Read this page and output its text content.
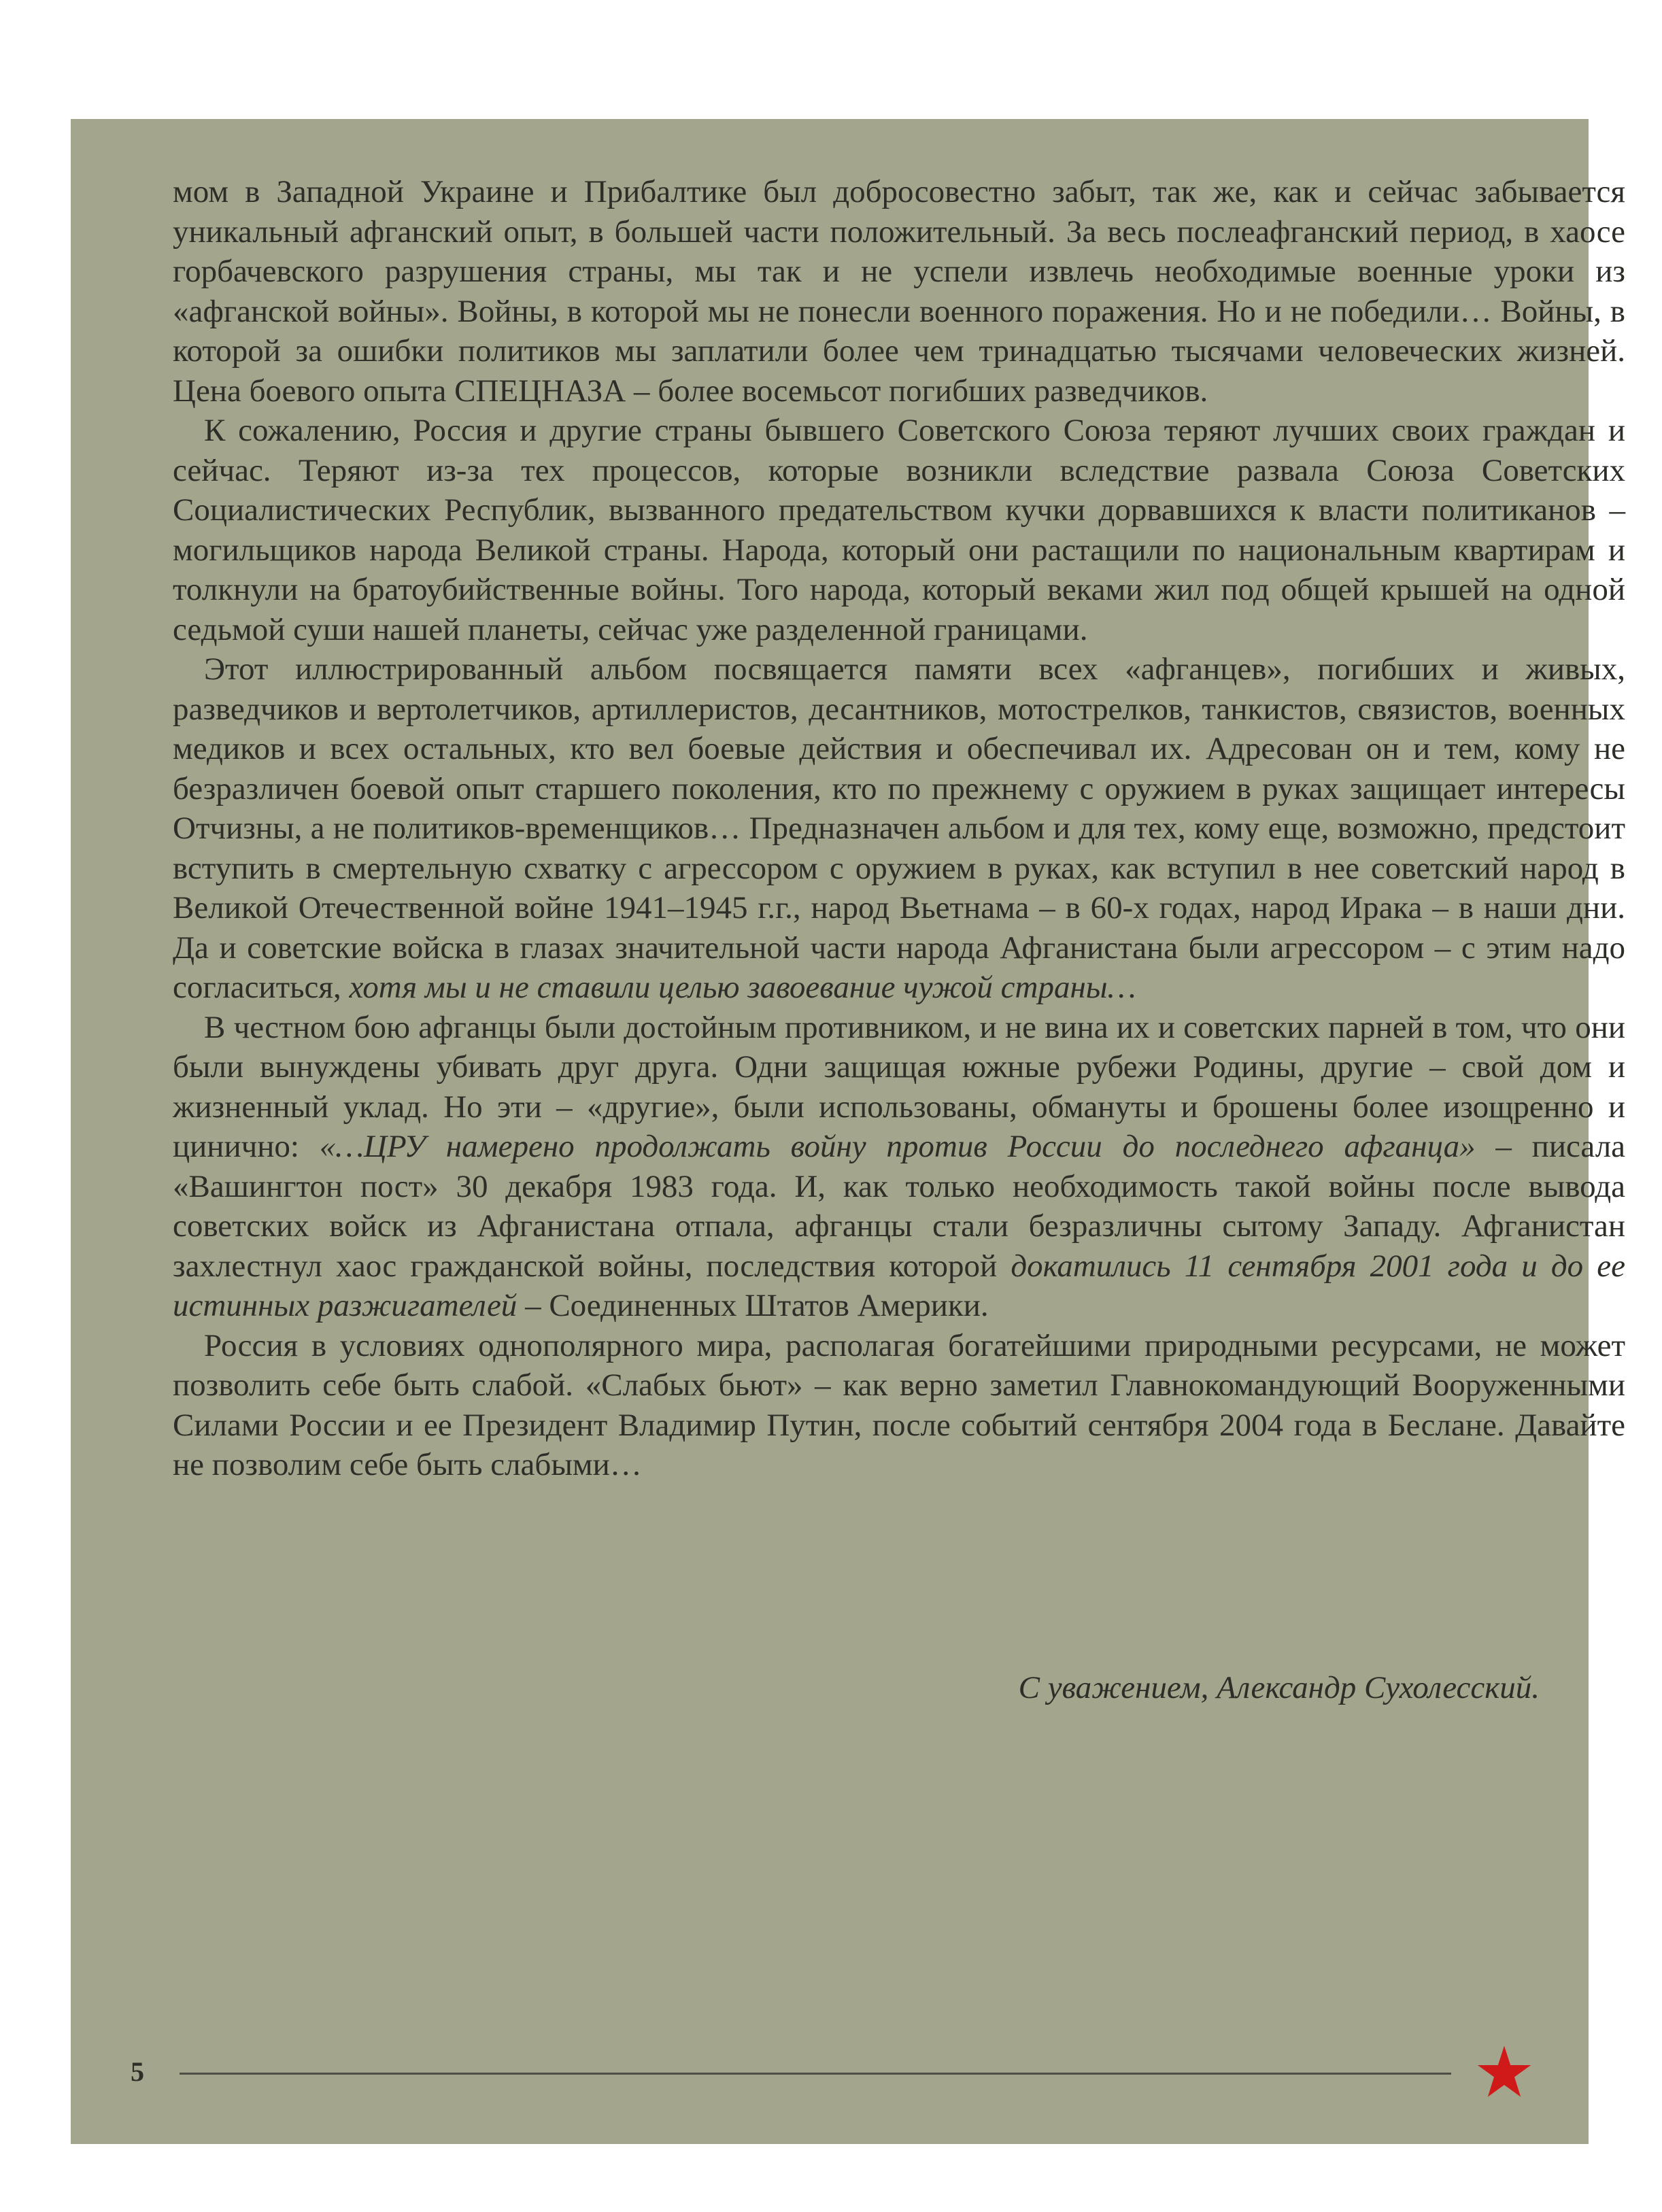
мом в Западной Украине и Прибалтике был добросовестно забыт, так же, как и сейчас забывается уникальный афганский опыт, в большей части положительный. За весь послеафганский период, в хаосе горбачевского разрушения страны, мы так и не успели извлечь необходимые военные уроки из «афганской войны». Войны, в которой мы не понесли военного поражения. Но и не победили… Войны, в которой за ошибки политиков мы заплатили более чем тринадцатью тысячами человеческих жизней. Цена боевого опыта СПЕЦНАЗА – более восемьсот погибших разведчиков.

К сожалению, Россия и другие страны бывшего Советского Союза теряют лучших своих граждан и сейчас. Теряют из-за тех процессов, которые возникли вследствие развала Союза Советских Социалистических Республик, вызванного предательством кучки дорвавшихся к власти политиканов – могильщиков народа Великой страны. Народа, который они растащили по национальным квартирам и толкнули на братоубийственные войны. Того народа, который веками жил под общей крышей на одной седьмой суши нашей планеты, сейчас уже разделенной границами.

Этот иллюстрированный альбом посвящается памяти всех «афганцев», погибших и живых, разведчиков и вертолетчиков, артиллеристов, десантников, мотострелков, танкистов, связистов, военных медиков и всех остальных, кто вел боевые действия и обеспечивал их. Адресован он и тем, кому не безразличен боевой опыт старшего поколения, кто по прежнему с оружием в руках защищает интересы Отчизны, а не политиков-временщиков… Предназначен альбом и для тех, кому еще, возможно, предстоит вступить в смертельную схватку с агрессором с оружием в руках, как вступил в нее советский народ в Великой Отечественной войне 1941–1945 г.г., народ Вьетнама – в 60-х годах, народ Ирака – в наши дни. Да и советские войска в глазах значительной части народа Афганистана были агрессором – с этим надо согласиться, хотя мы и не ставили целью завоевание чужой страны…

В честном бою афганцы были достойным противником, и не вина их и советских парней в том, что они были вынуждены убивать друг друга. Одни защищая южные рубежи Родины, другие – свой дом и жизненный уклад. Но эти – «другие», были использованы, обмануты и брошены более изощренно и цинично: «…ЦРУ намерено продолжать войну против России до последнего афганца» – писала «Вашингтон пост» 30 декабря 1983 года. И, как только необходимость такой войны после вывода советских войск из Афганистана отпала, афганцы стали безразличны сытому Западу. Афганистан захлестнул хаос гражданской войны, последствия которой докатились 11 сентября 2001 года и до ее истинных разжигателей – Соединенных Штатов Америки.

Россия в условиях однополярного мира, располагая богатейшими природными ресурсами, не может позволить себе быть слабой. «Слабых бьют» – как верно заметил Главнокомандующий Вооруженными Силами России и ее Президент Владимир Путин, после событий сентября 2004 года в Беслане. Давайте не позволим себе быть слабыми…

С уважением, Александр Сухолесский.
5
